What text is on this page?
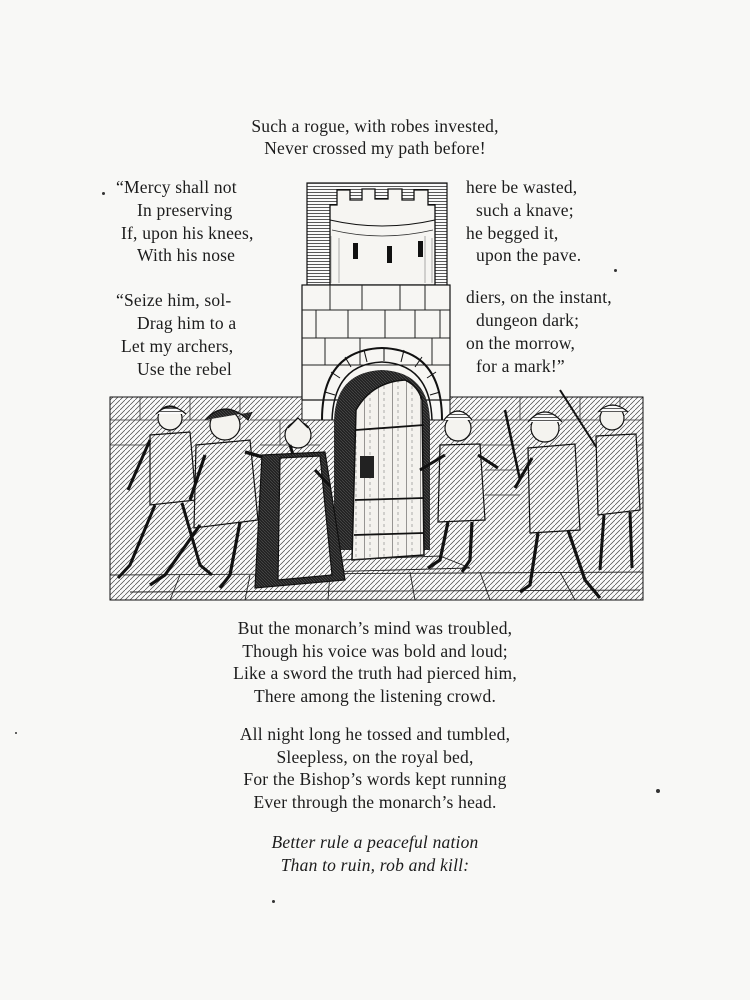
Such a rogue, with robes invested,
Never crossed my path before!
“Mercy shall not
In preserving
If, upon his knees,
With his nose
“Seize him, sol-
Drag him to a
Let my archers,
Use the rebel
here be wasted,
such a knave;
he begged it,
upon the pave.
diers, on the instant,
dungeon dark;
on the morrow,
for a mark!”
But the monarch’s mind was troubled,
Though his voice was bold and loud;
Like a sword the truth had pierced him,
There among the listening crowd.
All night long he tossed and tumbled,
Sleepless, on the royal bed,
For the Bishop’s words kept running
Ever through the monarch’s head.
Better rule a peaceful nation
Than to ruin, rob and kill:
